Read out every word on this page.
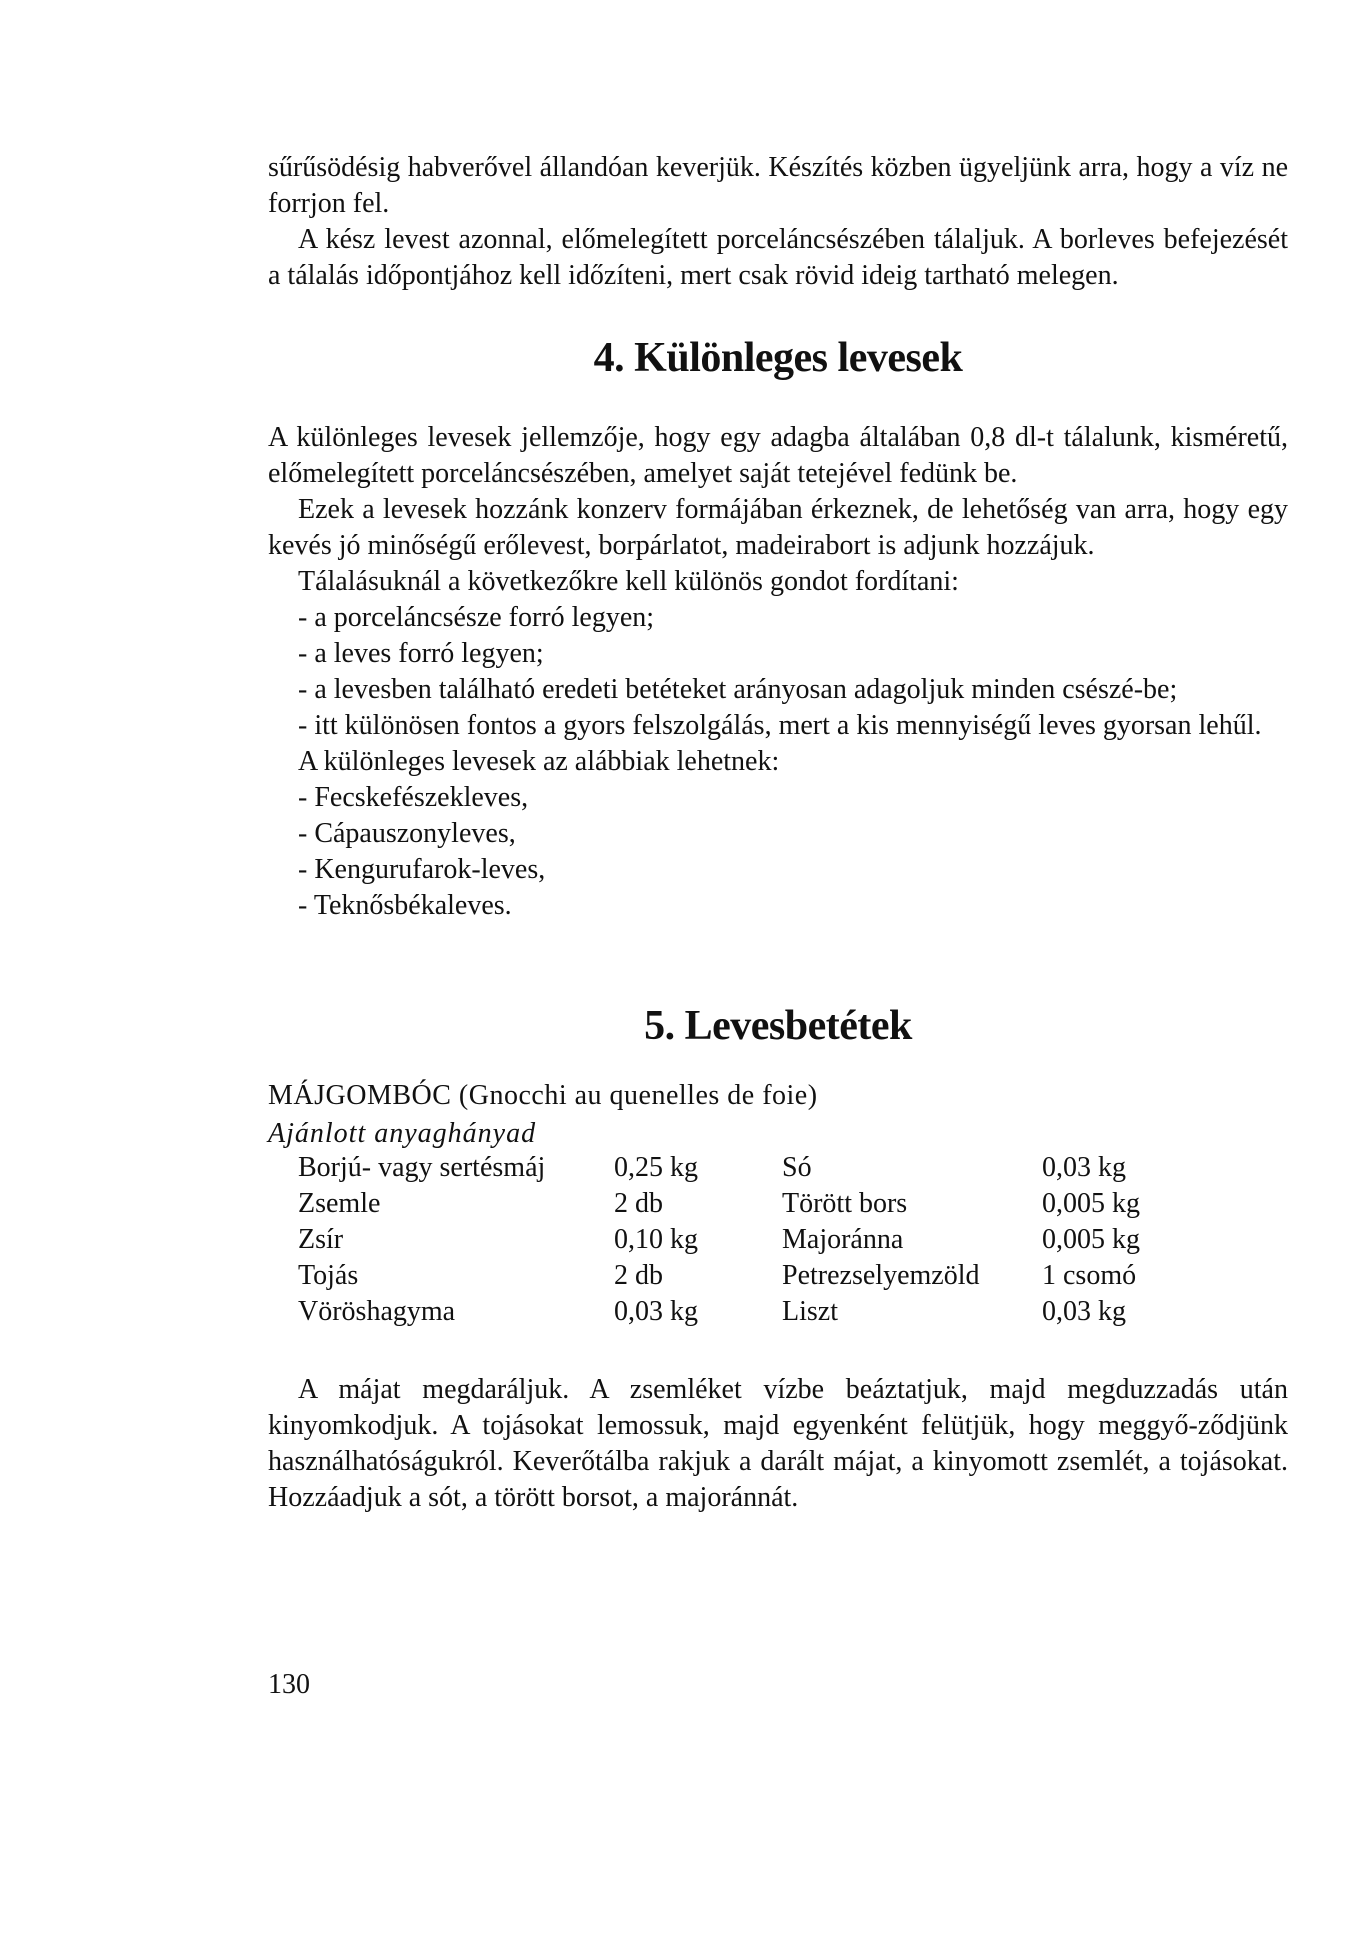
sűrűsödésig habverővel állandóan keverjük. Készítés közben ügyeljünk arra, hogy a víz ne forrjon fel.

A kész levest azonnal, előmelegített porceláncsészében tálaljuk. A borleves befejezését a tálalás időpontjához kell időzíteni, mert csak rövid ideig tartható melegen.

4. Különleges levesek

A különleges levesek jellemzője, hogy egy adagba általában 0,8 dl-t tálalunk, kisméretű, előmelegített porceláncsészében, amelyet saját tetejével fedünk be.

Ezek a levesek hozzánk konzerv formájában érkeznek, de lehetőség van arra, hogy egy kevés jó minőségű erőlevest, borpárlatot, madeirabort is adjunk hozzájuk.

Tálalásuknál a következőkre kell különös gondot fordítani:

- a porceláncsésze forró legyen;

- a leves forró legyen;

- a levesben található eredeti betéteket arányosan adagoljuk minden csészé-be;

- itt különösen fontos a gyors felszolgálás, mert a kis mennyiségű leves gyorsan lehűl.

A különleges levesek az alábbiak lehetnek:

- Fecskefészekleves,
- Cápauszonyleves,
- Kengurufarok-leves,
- Teknősbékaleves.
5. Levesbetétek
MÁJGOMBÓC (Gnocchi au quenelles de foie)
Ajánlott anyaghányad
Borjú- vagy sertésmáj	0,25 kg	Só	0,03 kg
Zsemle	2 db	Törött bors	0,005 kg
Zsír	0,10 kg	Majoránna	0,005 kg
Tojás	2 db	Petrezselyemzöld	1 csomó
Vöröshagyma	0,03 kg	Liszt	0,03 kg

A májat megdaráljuk. A zsemléket vízbe beáztatjuk, majd megduzzadás után kinyomkodjuk. A tojásokat lemossuk, majd egyenként felütjük, hogy meggyő-ződjünk használhatóságukról. Keverőtálba rakjuk a darált májat, a kinyomott zsemlét, a tojásokat. Hozzáadjuk a sót, a törött borsot, a majoránnát.

130
